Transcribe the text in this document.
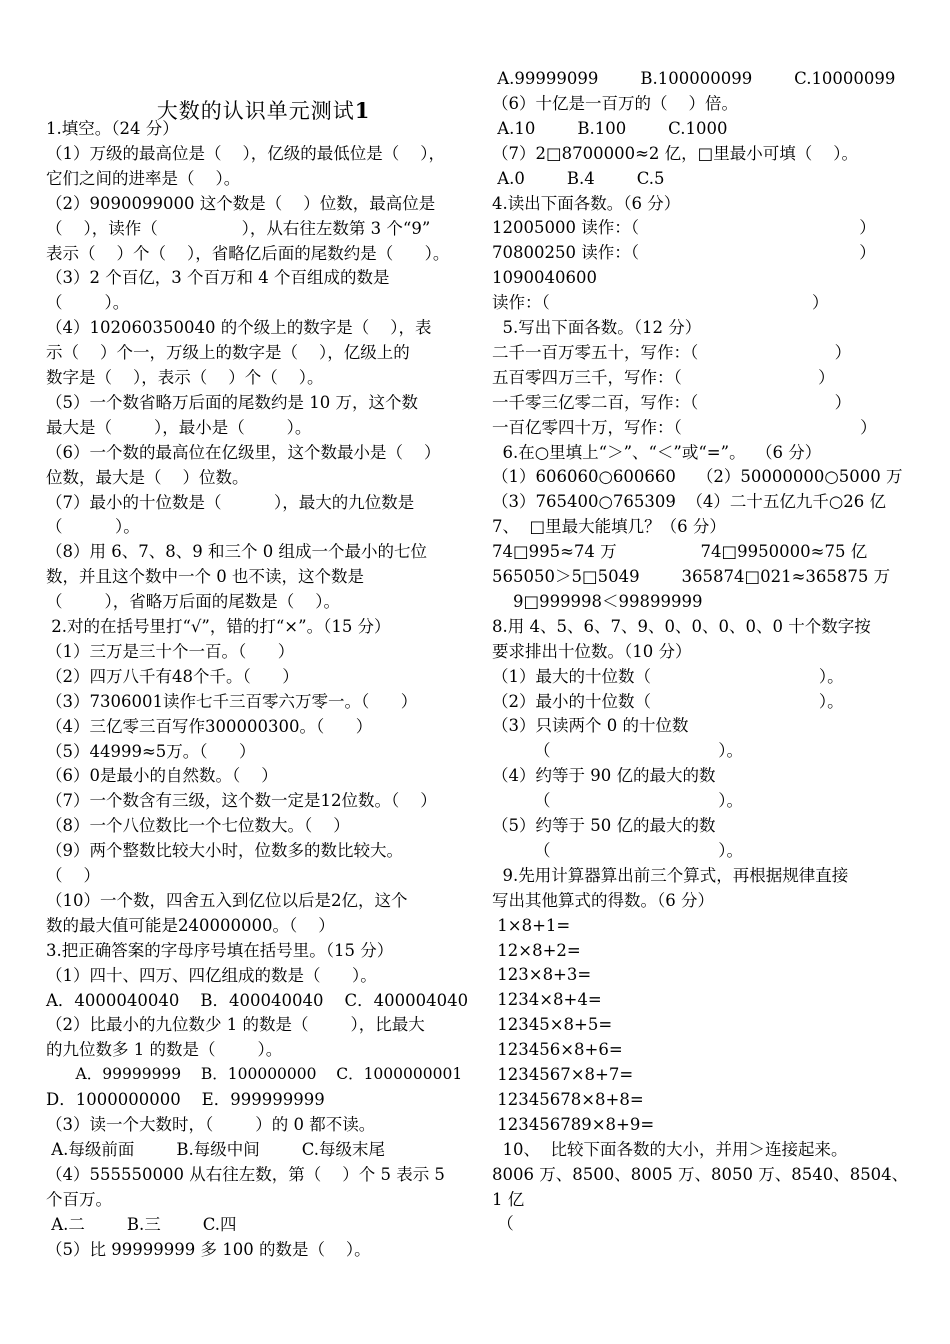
大数的认识单元测试1

1.填空。（24 分）
（1）万级的最高位是（    ），亿级的最低位是（    ），
它们之间的进率是（    ）。
（2）9090099000 这个数是（    ）位数，最高位是
（    ），读作（                ），从右往左数第 3 个“9”
表示（    ）个（    ），省略亿后面的尾数约是（      ）。
（3）2 个百亿，3 个百万和 4 个百组成的数是
（        ）。
（4）102060350040 的个级上的数字是（    ），表
示（    ）个一，万级上的数字是（    ），亿级上的
数字是（    ），表示（    ）个（    ）。
（5）一个数省略万后面的尾数约是 10 万，这个数
最大是（        ），最小是（        ）。
（6）一个数的最高位在亿级里，这个数最小是（    ）
位数，最大是（    ）位数。
（7）最小的十位数是（          ），最大的九位数是
（          ）。
（8）用 6、7、8、9 和三个 0 组成一个最小的七位
数，并且这个数中一个 0 也不读，这个数是
（        ），省略万后面的尾数是（    ）。
2.对的在括号里打“√”，错的打“×”。（15 分）
（1）三万是三十个一百。（      ）
（2）四万八千有48个千。（      ）
（3）7306001读作七千三百零六万零一。（      ）
（4）三亿零三百写作300000300。（      ）
（5）44999≈5万。（      ）
（6）0是最小的自然数。（    ）
（7）一个数含有三级，这个数一定是12位数。（    ）
（8）一个八位数比一个七位数大。（    ）
（9）两个整数比较大小时，位数多的数比较大。
（    ）
（10）一个数，四舍五入到亿位以后是2亿，这个
数的最大值可能是240000000。（    ）
3.把正确答案的字母序号填在括号里。（15 分）
（1）四十、四万、四亿组成的数是（      ）。
A．4000040040    B．400040040    C．400004040
（2）比最小的九位数少 1 的数是（        ），比最大
的九位数多 1 的数是（        ）。
A．99999999    B．100000000    C．1000000001
D．1000000000    E．999999999
（3）读一个大数时，（        ）的 0 都不读。
A.每级前面        B.每级中间        C.每级末尾
（4）555550000 从右往左数，第（    ）个 5 表示 5
个百万。
A.二        B.三        C.四
（5）比 99999999 多 100 的数是（    ）。
A.99999099        B.100000099        C.10000099
（6）十亿是一百万的（    ）倍。
A.10        B.100        C.1000
（7）2□8700000≈2 亿，□里最小可填（    ）。
A.0        B.4        C.5
4.读出下面各数。（6 分）
12005000 读作：（                                          ）
70800250 读作：（                                          ）
1090040600
读作：（                                                  ）
5.写出下面各数。（12 分）
二千一百万零五十，写作：（                          ）
五百零四万三千，写作：（                          ）
一千零三亿零二百，写作：（                          ）
一百亿零四十万，写作：（                                  ）
6.在○里填上“＞”、“＜”或“=”。  （6 分）
（1）606060○600660    （2）50000000○5000 万
（3）765400○765309  （4）二十五亿九千○26 亿
7、  □里最大能填几？（6 分）
74□995≈74 万                74□9950000≈75 亿
565050＞5□5049        365874□021≈365875 万
9□999998＜99899999
8.用 4、5、6、7、9、0、0、0、0、0 十个数字按
要求排出十位数。（10 分）
（1）最大的十位数（                                ）。
（2）最小的十位数（                                ）。
（3）只读两个 0 的十位数
（                                ）。
（4）约等于 90 亿的最大的数
（                                ）。
（5）约等于 50 亿的最大的数
（                                ）。
9.先用计算器算出前三个算式，再根据规律直接
写出其他算式的得数。（6 分）
1×8+1=
12×8+2=
123×8+3=
1234×8+4=
12345×8+5=
123456×8+6=
1234567×8+7=
12345678×8+8=
123456789×8+9=
10、  比较下面各数的大小，并用＞连接起来。
8006 万、8500、8005 万、8050 万、8540、8504、
1 亿
（
